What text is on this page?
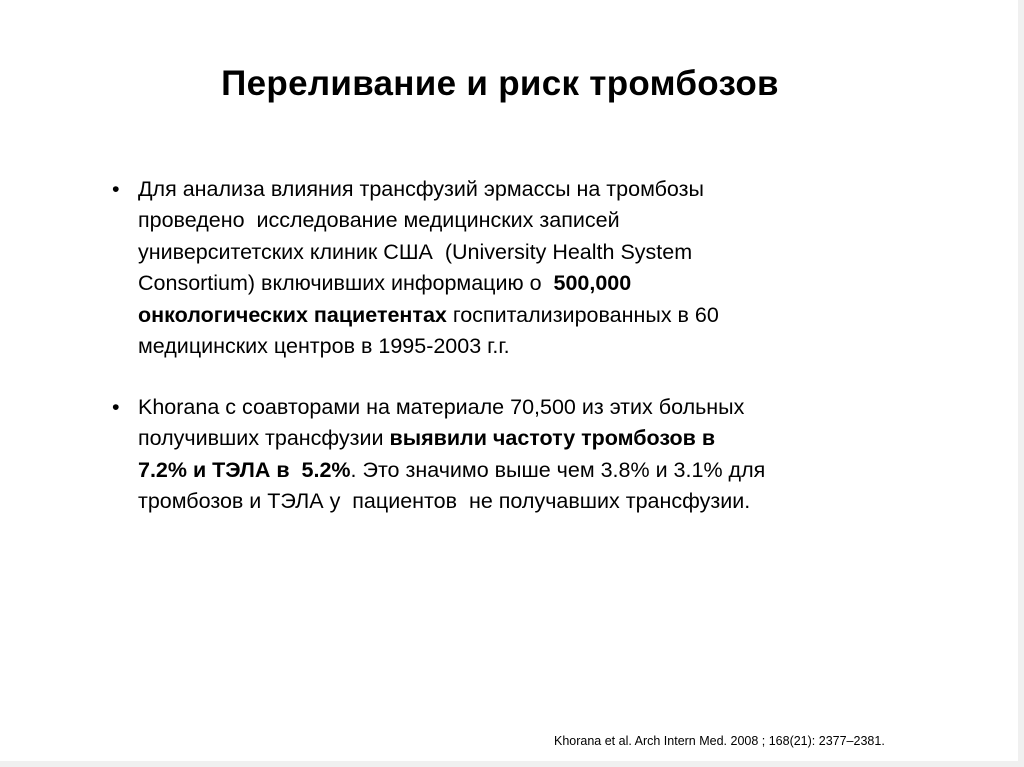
Переливание и риск тромбозов
• Для анализа влияния трансфузий эрмассы на тромбозы
проведено  исследование медицинских записей
университетских клиник США  (University Health System
Consortium) включивших информацию о  500,000
онкологических пациетентах госпитализированных в 60
медицинских центров в 1995-2003 г.г.
• Khorana с соавторами на материале 70,500 из этих больных
получивших трансфузии выявили частоту тромбозов в
7.2% и ТЭЛА в  5.2%. Это значимо выше чем 3.8% и 3.1% для
тромбозов и ТЭЛА у  пациентов  не получавших трансфузии.
Khorana et al. Arch Intern Med. 2008 ; 168(21): 2377–2381.
